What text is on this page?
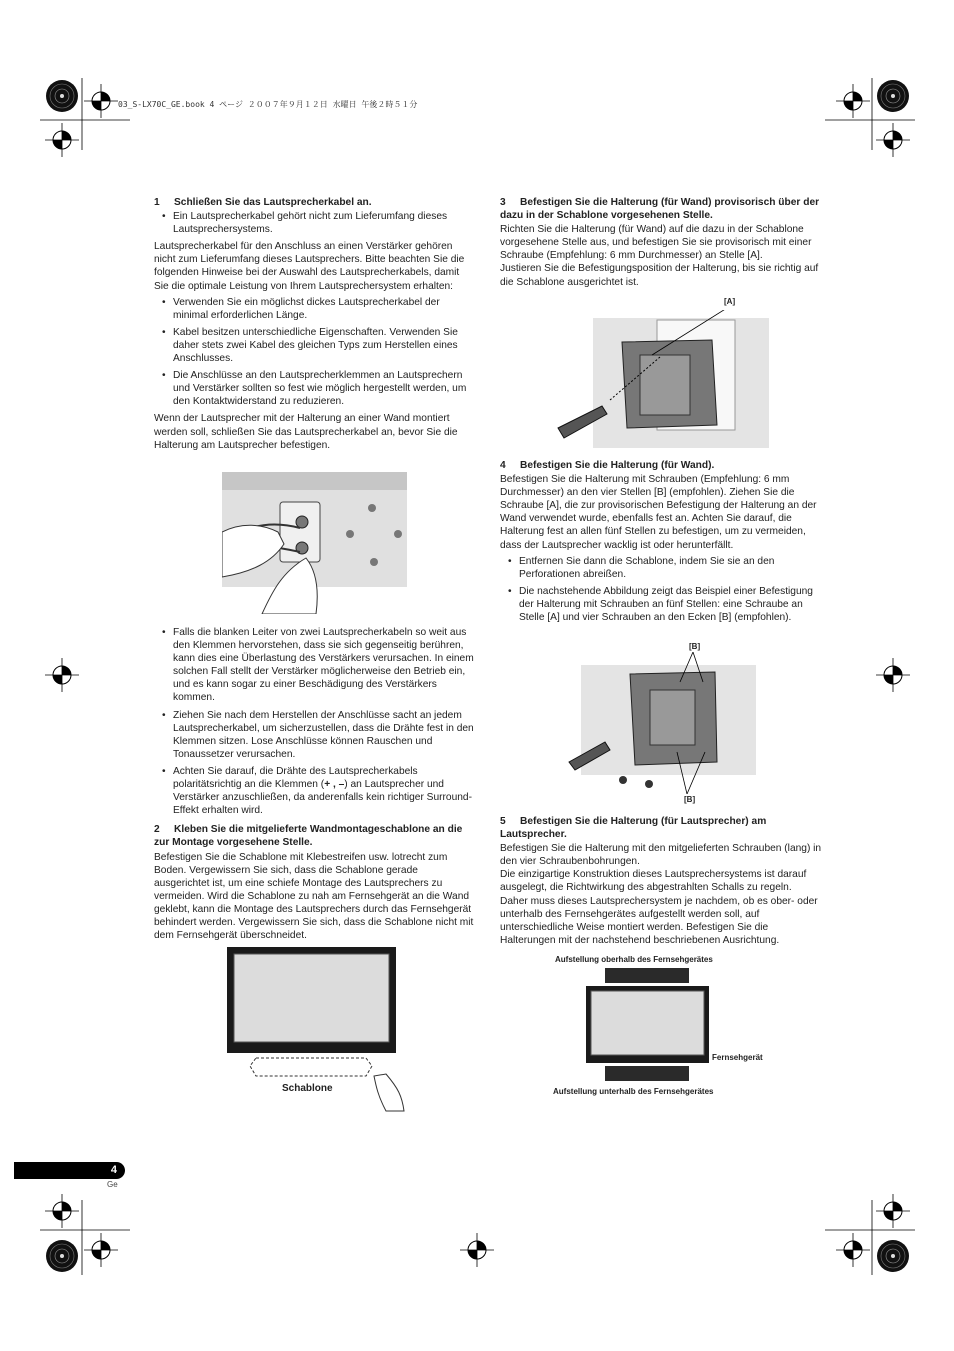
03_S-LX70C_GE.book 4 ページ ２００７年９月１２日 水曜日 午後２時５１分
1 Schließen Sie das Lautsprecherkabel an.
• Ein Lautsprecherkabel gehört nicht zum Lieferumfang dieses Lautsprechersystems.

Lautsprecherkabel für den Anschluss an einen Verstärker gehören nicht zum Lieferumfang dieses Lautsprechers. Bitte beachten Sie die folgenden Hinweise bei der Auswahl des Lautsprecherkabels, damit Sie die optimale Leistung von Ihrem Lautsprechersystem erhalten:

• Verwenden Sie ein möglichst dickes Lautsprecherkabel der minimal erforderlichen Länge.
• Kabel besitzen unterschiedliche Eigenschaften. Verwenden Sie daher stets zwei Kabel des gleichen Typs zum Herstellen eines Anschlusses.
• Die Anschlüsse an den Lautsprecherklemmen an Lautsprechern und Verstärker sollten so fest wie möglich hergestellt werden, um den Kontaktwiderstand zu reduzieren.

Wenn der Lautsprecher mit der Halterung an einer Wand montiert werden soll, schließen Sie das Lautsprecherkabel an, bevor Sie die Halterung am Lautsprecher befestigen.

• Falls die blanken Leiter von zwei Lautsprecherkabeln so weit aus den Klemmen hervorstehen, dass sie sich gegenseitig berühren, kann dies eine Überlastung des Verstärkers verursachen. In einem solchen Fall stellt der Verstärker möglicherweise den Betrieb ein, und es kann sogar zu einer Beschädigung des Verstärkers kommen.
• Ziehen Sie nach dem Herstellen der Anschlüsse sacht an jedem Lautsprecherkabel, um sicherzustellen, dass die Drähte fest in den Klemmen sitzen. Lose Anschlüsse können Rauschen und Tonaussetzer verursachen.
• Achten Sie darauf, die Drähte des Lautsprecherkabels polaritätsrichtig an die Klemmen (+ , –) an Lautsprecher und Verstärker anzuschließen, da anderenfalls kein richtiger Surround-Effekt erhalten wird.
2 Kleben Sie die mitgelieferte Wandmontageschablone an die zur Montage vorgesehene Stelle.

Befestigen Sie die Schablone mit Klebestreifen usw. lotrecht zum Boden. Vergewissern Sie sich, dass die Schablone gerade ausgerichtet ist, um eine schiefe Montage des Lautsprechers zu vermeiden. Wird die Schablone zu nah am Fernsehgerät an die Wand geklebt, kann die Montage des Lautsprechers durch das Fernsehgerät behindert werden. Vergewissern Sie sich, dass die Schablone nicht mit dem Fernsehgerät überschneidet.

Schablone
3 Befestigen Sie die Halterung (für Wand) provisorisch über der dazu in der Schablone vorgesehenen Stelle.

Richten Sie die Halterung (für Wand) auf die dazu in der Schablone vorgesehene Stelle aus, und befestigen Sie sie provisorisch mit einer Schraube (Empfehlung: 6 mm Durchmesser) an Stelle [A].

Justieren Sie die Befestigungsposition der Halterung, bis sie richtig auf die Schablone ausgerichtet ist.

[A]
4 Befestigen Sie die Halterung (für Wand).

Befestigen Sie die Halterung mit Schrauben (Empfehlung: 6 mm Durchmesser) an den vier Stellen [B] (empfohlen). Ziehen Sie die Schraube [A], die zur provisorischen Befestigung der Halterung an der Wand verwendet wurde, ebenfalls fest an. Achten Sie darauf, die Halterung fest an allen fünf Stellen zu befestigen, um zu vermeiden, dass der Lautsprecher wacklig ist oder herunterfällt.

• Entfernen Sie dann die Schablone, indem Sie sie an den Perforationen abreißen.
• Die nachstehende Abbildung zeigt das Beispiel einer Befestigung der Halterung mit Schrauben an fünf Stellen: eine Schraube an Stelle [A] und vier Schrauben an den Ecken [B] (empfohlen).
[B]
[B]
5 Befestigen Sie die Halterung (für Lautsprecher) am Lautsprecher.

Befestigen Sie die Halterung mit den mitgelieferten Schrauben (lang) in den vier Schraubenbohrungen.

Die einzigartige Konstruktion dieses Lautsprechersystems ist darauf ausgelegt, die Richtwirkung des abgestrahlten Schalls zu regeln. Daher muss dieses Lautsprechersystem je nachdem, ob es ober- oder unterhalb des Fernsehgerätes aufgestellt werden soll, auf unterschiedliche Weise montiert werden. Befestigen Sie die Halterungen mit der nachstehend beschriebenen Ausrichtung.

Aufstellung oberhalb des Fernsehgerätes
Fernsehgerät
Aufstellung unterhalb des Fernsehgerätes
4
Ge
